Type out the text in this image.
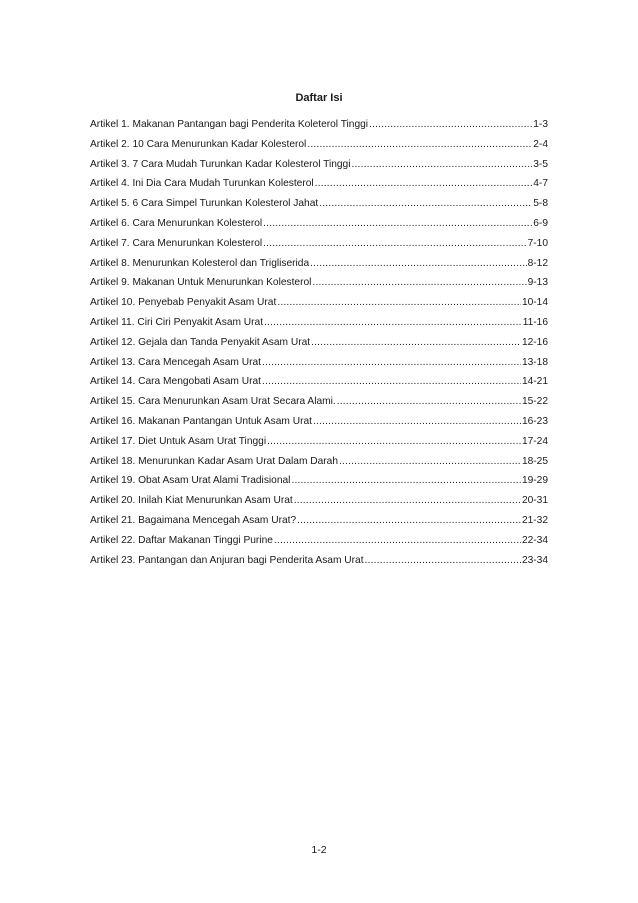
Daftar Isi
Artikel 1. Makanan Pantangan bagi Penderita Koleterol Tinggi .....	1-3
Artikel 2. 10 Cara Menurunkan Kadar Kolesterol .....	2-4
Artikel 3. 7 Cara Mudah Turunkan Kadar Kolesterol Tinggi .....	3-5
Artikel 4. Ini Dia Cara Mudah Turunkan Kolesterol .....	4-7
Artikel 5. 6 Cara Simpel Turunkan Kolesterol Jahat .....	5-8
Artikel 6. Cara Menurunkan Kolesterol .....	6-9
Artikel 7. Cara Menurunkan Kolesterol .....	7-10
Artikel 8. Menurunkan Kolesterol dan Trigliserida .....	8-12
Artikel 9. Makanan Untuk Menurunkan Kolesterol .....	9-13
Artikel 10. Penyebab Penyakit Asam Urat .....	10-14
Artikel 11. Ciri Ciri Penyakit Asam Urat .....	11-16
Artikel 12. Gejala dan Tanda Penyakit Asam Urat .....	12-16
Artikel 13. Cara Mencegah Asam Urat .....	13-18
Artikel 14. Cara Mengobati Asam Urat .....	14-21
Artikel 15. Cara Menurunkan Asam Urat Secara Alami. .....	15-22
Artikel 16. Makanan Pantangan Untuk Asam Urat .....	16-23
Artikel 17. Diet Untuk Asam Urat Tinggi .....	17-24
Artikel 18. Menurunkan Kadar Asam Urat Dalam Darah .....	18-25
Artikel 19. Obat Asam Urat Alami Tradisional .....	19-29
Artikel 20. Inilah Kiat Menurunkan Asam Urat .....	20-31
Artikel 21. Bagaimana Mencegah Asam Urat? .....	21-32
Artikel 22. Daftar Makanan Tinggi Purine .....	22-34
Artikel 23. Pantangan dan Anjuran bagi Penderita Asam Urat .....	23-34
1-2
